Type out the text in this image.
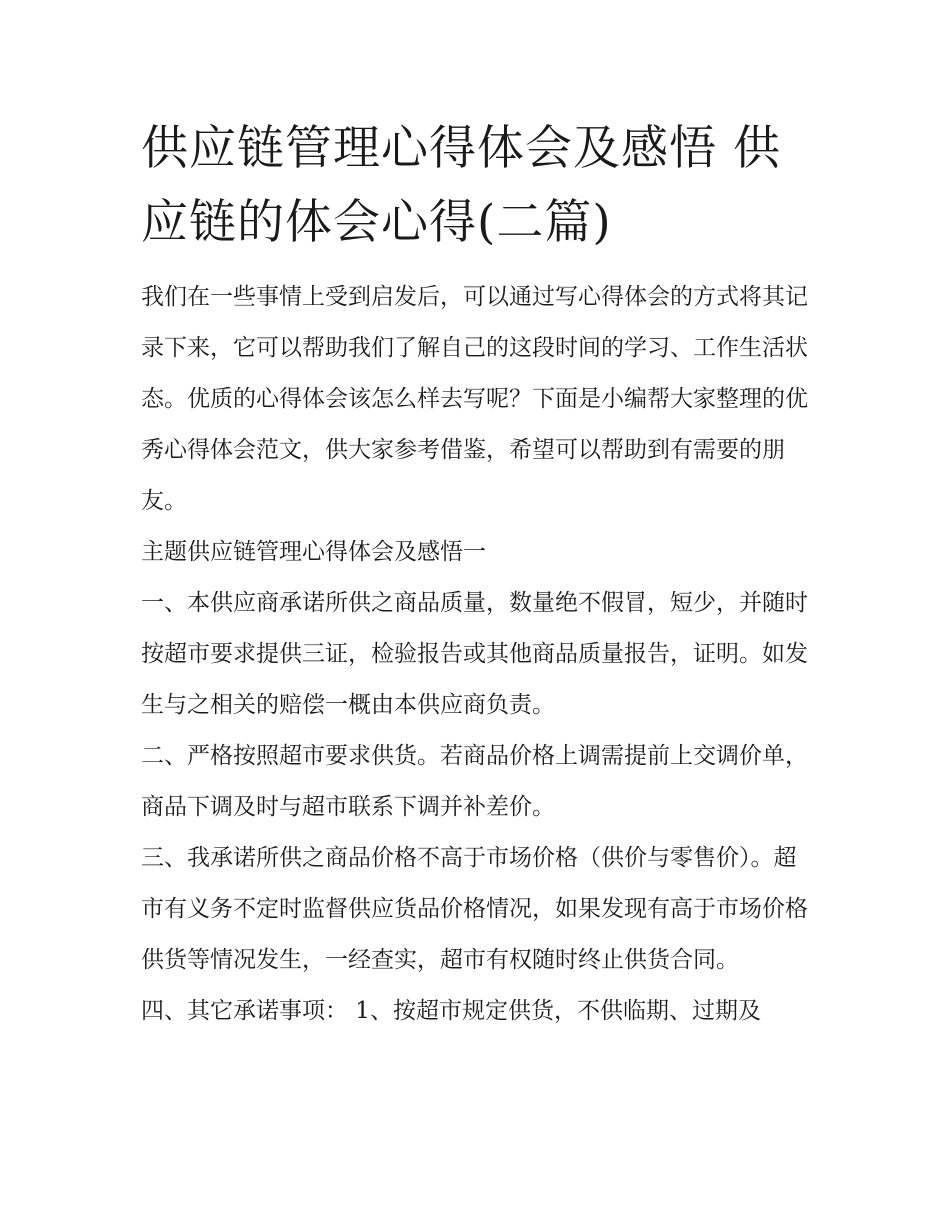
供应链管理心得体会及感悟 供应链的体会心得(二篇)

我们在一些事情上受到启发后，可以通过写心得体会的方式将其记录下来，它可以帮助我们了解自己的这段时间的学习、工作生活状态。优质的心得体会该怎么样去写呢？下面是小编帮大家整理的优秀心得体会范文，供大家参考借鉴，希望可以帮助到有需要的朋友。

主题供应链管理心得体会及感悟一

一、本供应商承诺所供之商品质量，数量绝不假冒，短少，并随时按超市要求提供三证，检验报告或其他商品质量报告，证明。如发生与之相关的赔偿一概由本供应商负责。

二、严格按照超市要求供货。若商品价格上调需提前上交调价单，商品下调及时与超市联系下调并补差价。

三、我承诺所供之商品价格不高于市场价格（供价与零售价）。超市有义务不定时监督供应货品价格情况，如果发现有高于市场价格供货等情况发生，一经查实，超市有权随时终止供货合同。

四、其它承诺事项： 1、按超市规定供货，不供临期、过期及
